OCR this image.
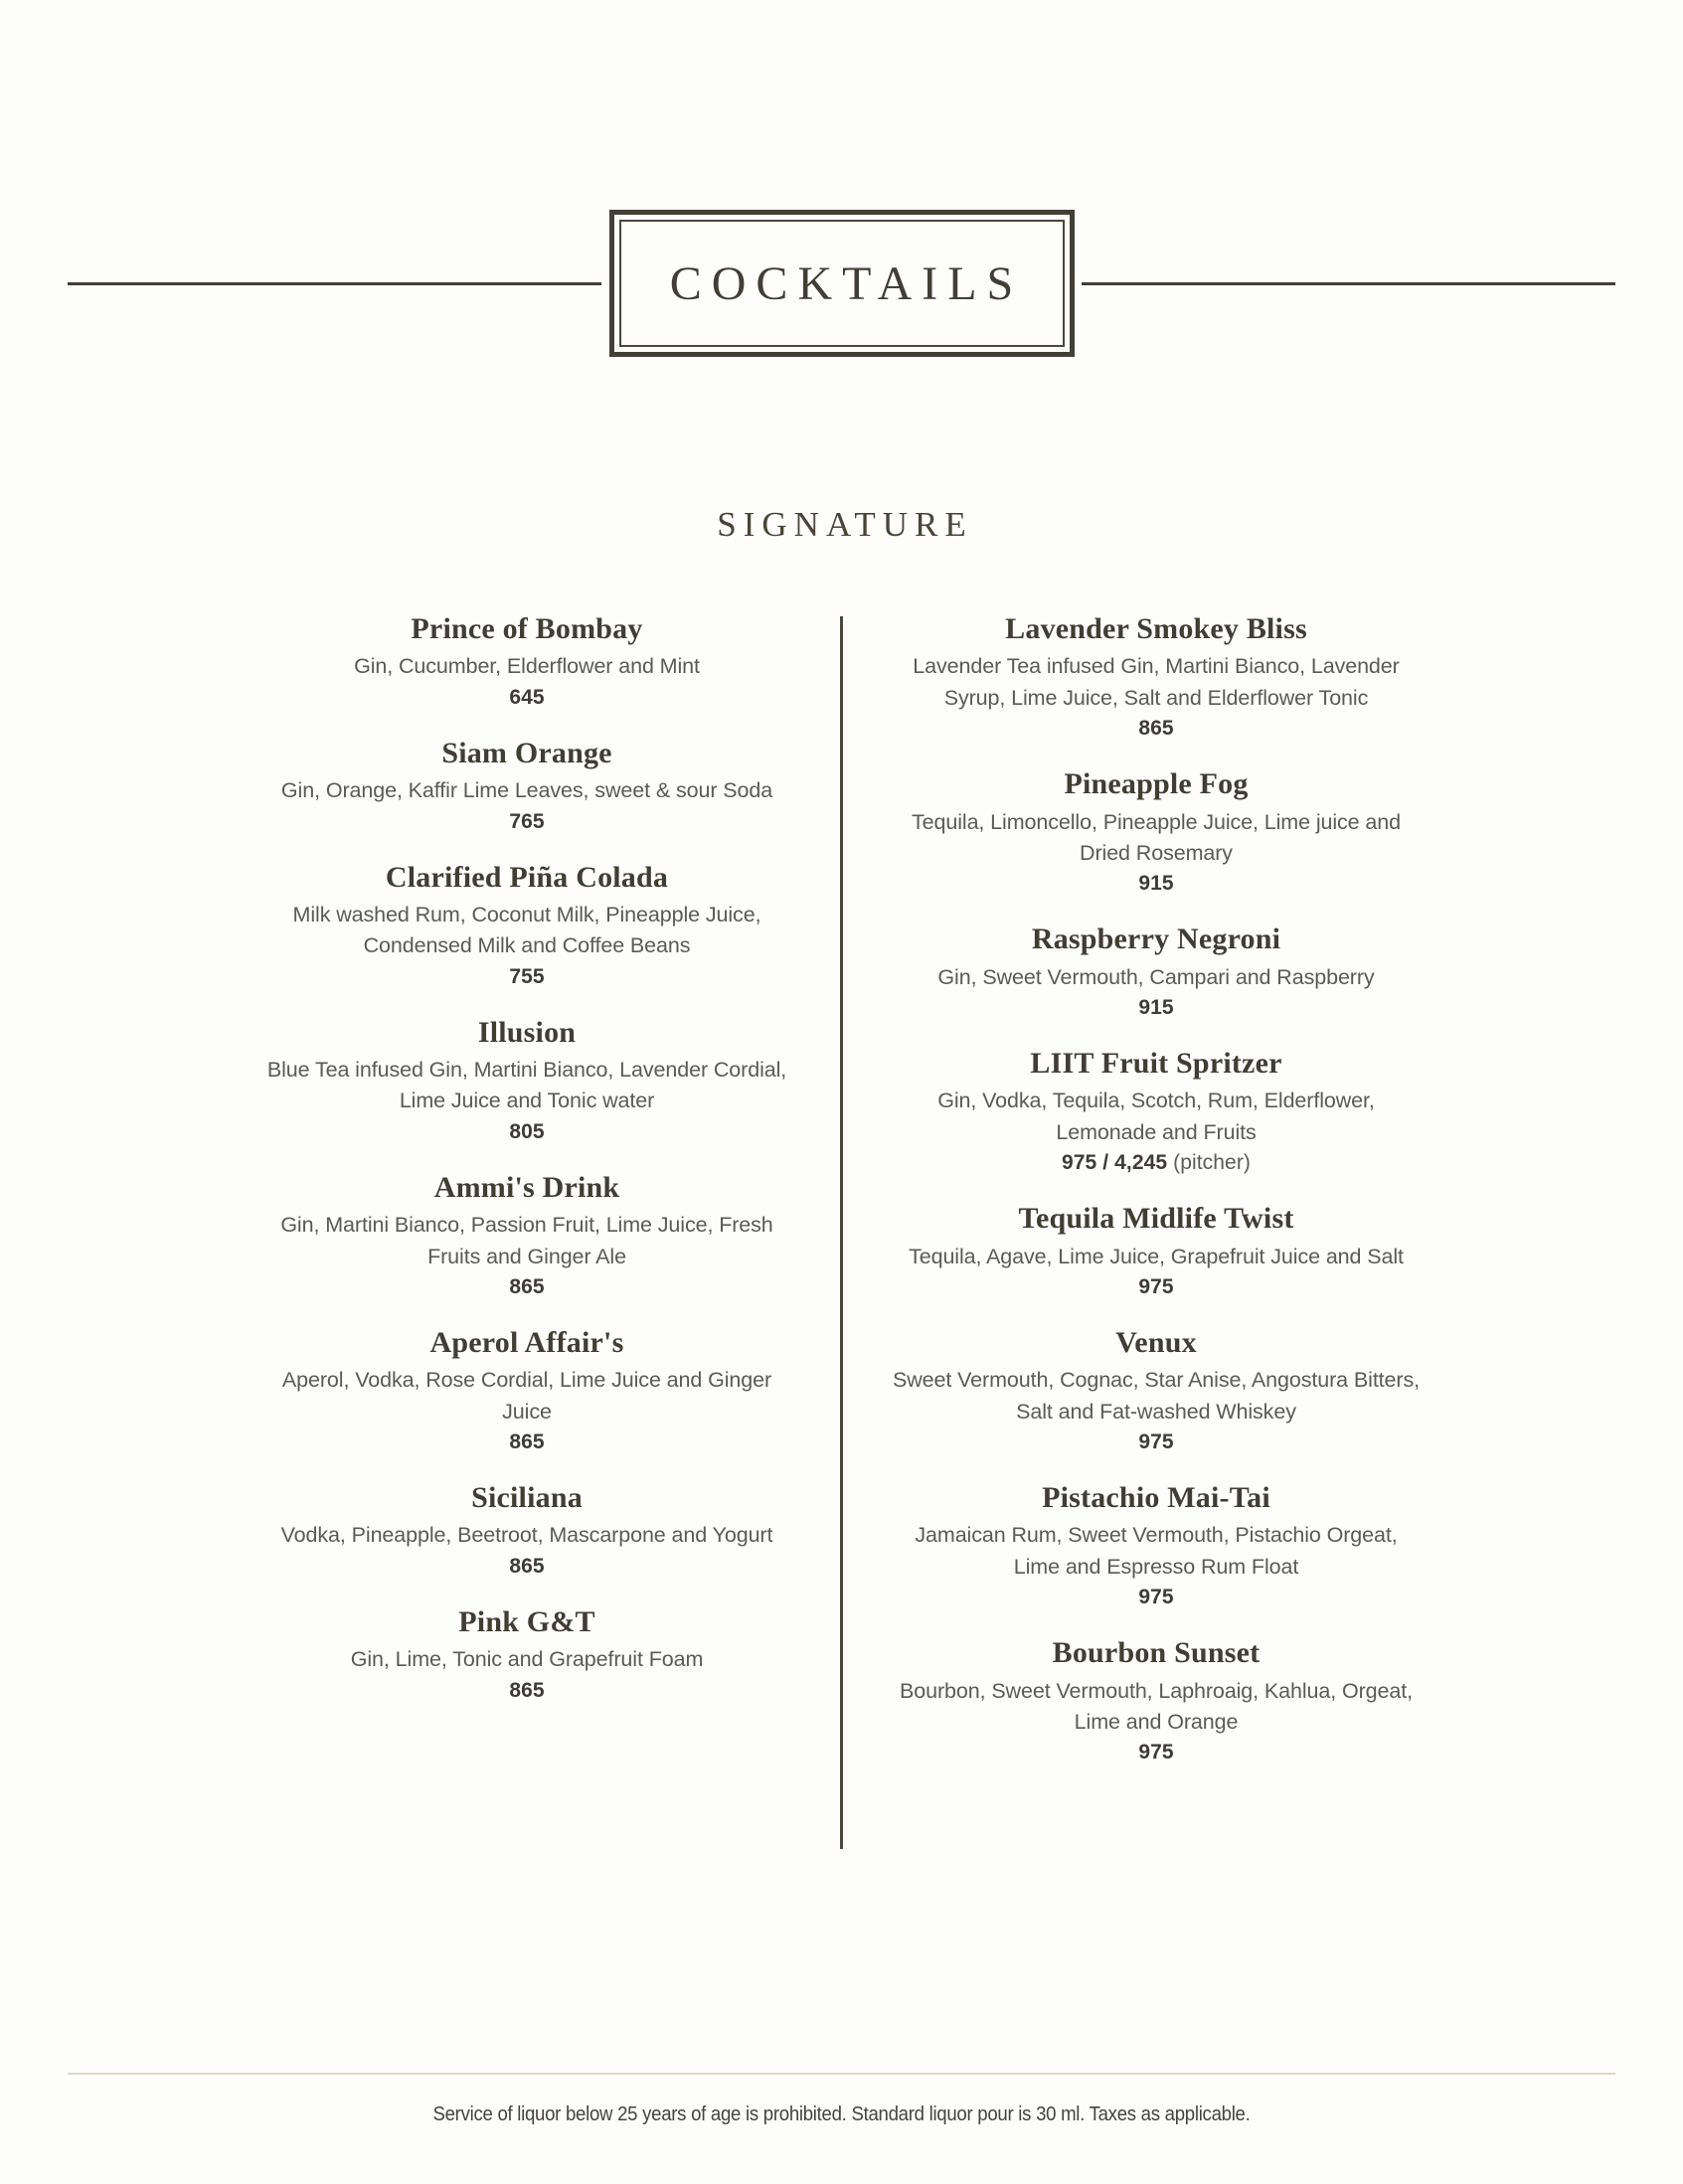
COCKTAILS
SIGNATURE
Prince of Bombay
Gin, Cucumber, Elderflower and Mint
645
Siam Orange
Gin, Orange, Kaffir Lime Leaves, sweet & sour Soda
765
Clarified Piña Colada
Milk washed Rum, Coconut Milk, Pineapple Juice, Condensed Milk and Coffee Beans
755
Illusion
Blue Tea infused Gin, Martini Bianco, Lavender Cordial, Lime Juice and Tonic water
805
Ammi's Drink
Gin, Martini Bianco, Passion Fruit, Lime Juice, Fresh Fruits and Ginger Ale
865
Aperol Affair's
Aperol, Vodka, Rose Cordial, Lime Juice and Ginger Juice
865
Siciliana
Vodka, Pineapple, Beetroot, Mascarpone and Yogurt
865
Pink G&T
Gin, Lime, Tonic and Grapefruit Foam
865
Lavender Smokey Bliss
Lavender Tea infused Gin, Martini Bianco, Lavender Syrup, Lime Juice, Salt and Elderflower Tonic
865
Pineapple Fog
Tequila, Limoncello, Pineapple Juice, Lime juice and Dried Rosemary
915
Raspberry Negroni
Gin, Sweet Vermouth, Campari and Raspberry
915
LIIT Fruit Spritzer
Gin, Vodka, Tequila, Scotch, Rum, Elderflower, Lemonade and Fruits
975 / 4,245 (pitcher)
Tequila Midlife Twist
Tequila, Agave, Lime Juice, Grapefruit Juice and Salt
975
Venux
Sweet Vermouth, Cognac, Star Anise, Angostura Bitters, Salt and Fat-washed Whiskey
975
Pistachio Mai-Tai
Jamaican Rum, Sweet Vermouth, Pistachio Orgeat, Lime and Espresso Rum Float
975
Bourbon Sunset
Bourbon, Sweet Vermouth, Laphroaig, Kahlua, Orgeat, Lime and Orange
975
Service of liquor below 25 years of age is prohibited. Standard liquor pour is 30 ml. Taxes as applicable.
